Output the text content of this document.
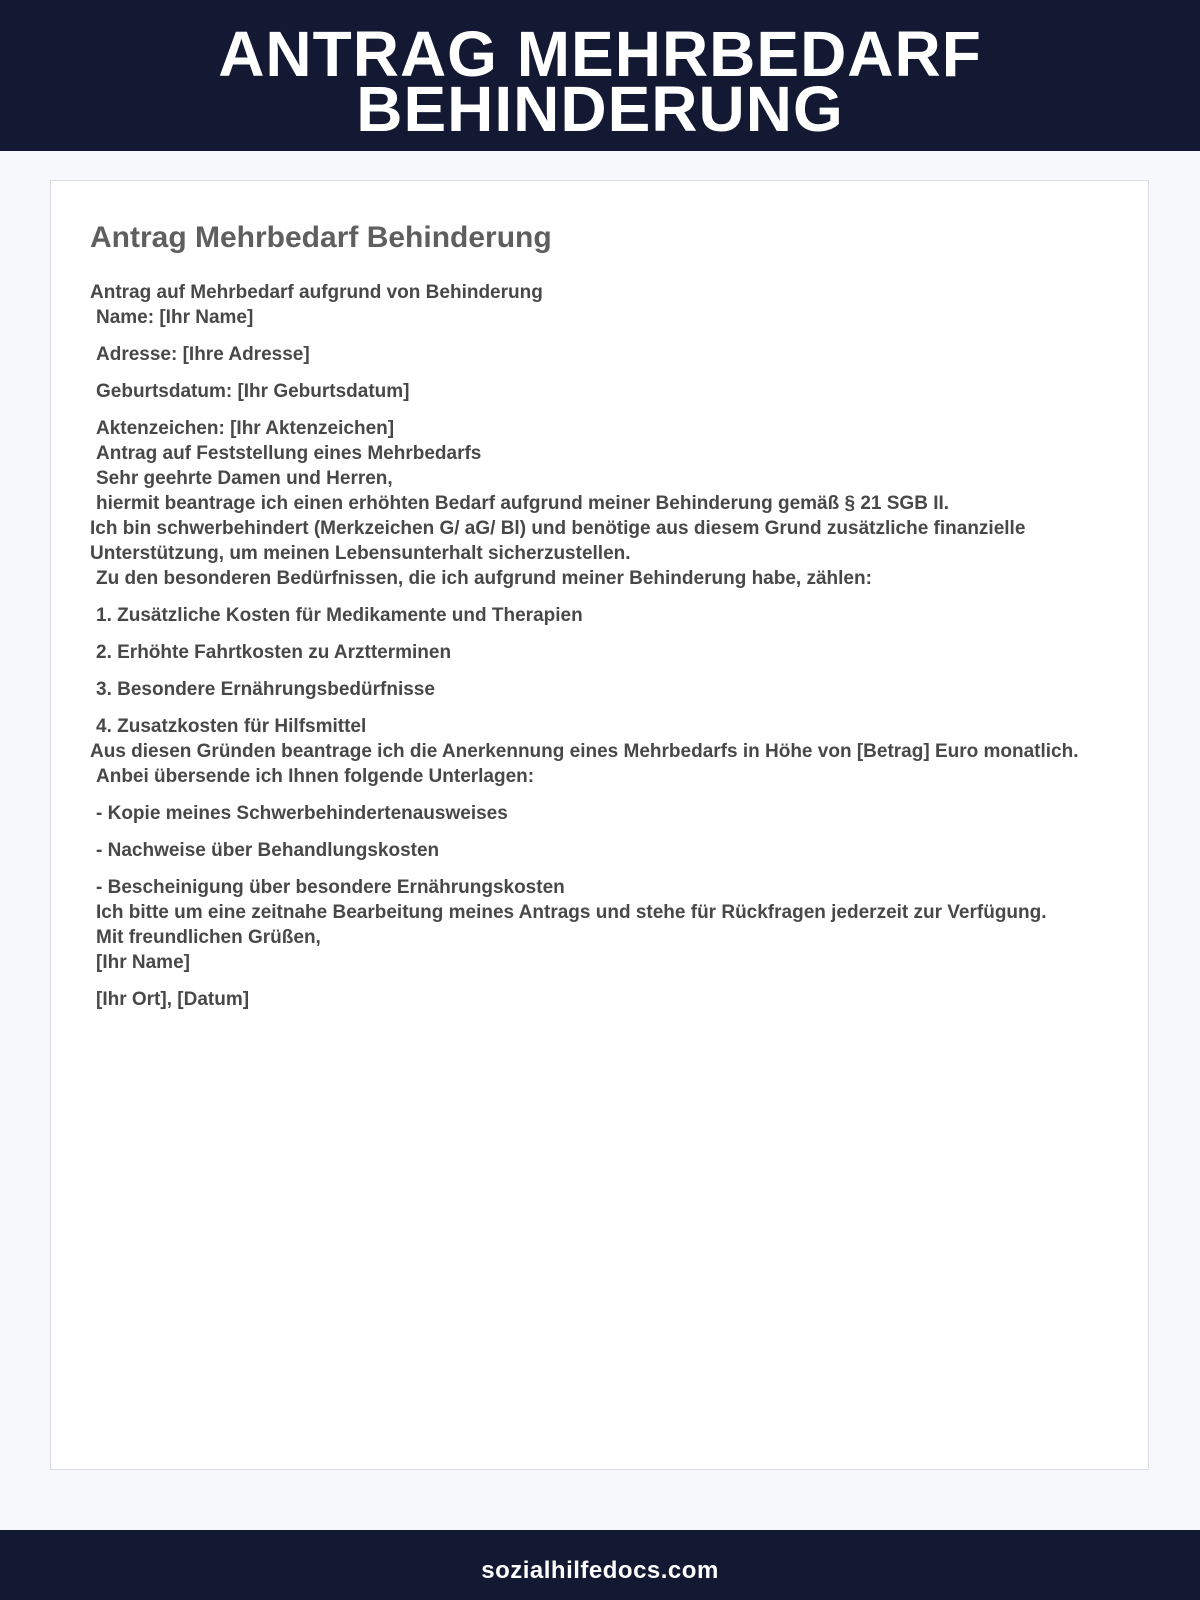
ANTRAG MEHRBEDARF
BEHINDERUNG
Antrag Mehrbedarf Behinderung

Antrag auf Mehrbedarf aufgrund von Behinderung

Name: [Ihr Name]

Adresse: [Ihre Adresse]

Geburtsdatum: [Ihr Geburtsdatum]

Aktenzeichen: [Ihr Aktenzeichen]

Antrag auf Feststellung eines Mehrbedarfs

Sehr geehrte Damen und Herren,

hiermit beantrage ich einen erhöhten Bedarf aufgrund meiner Behinderung gemäß § 21 SGB II.

Ich bin schwerbehindert (Merkzeichen G/ aG/ Bl) und benötige aus diesem Grund zusätzliche finanzielle Unterstützung, um meinen Lebensunterhalt sicherzustellen.

Zu den besonderen Bedürfnissen, die ich aufgrund meiner Behinderung habe, zählen:

1. Zusätzliche Kosten für Medikamente und Therapien

2. Erhöhte Fahrtkosten zu Arztterminen

3. Besondere Ernährungsbedürfnisse

4. Zusatzkosten für Hilfsmittel

Aus diesen Gründen beantrage ich die Anerkennung eines Mehrbedarfs in Höhe von [Betrag] Euro monatlich.

Anbei übersende ich Ihnen folgende Unterlagen:

- Kopie meines Schwerbehindertenausweises

- Nachweise über Behandlungskosten

- Bescheinigung über besondere Ernährungskosten

Ich bitte um eine zeitnahe Bearbeitung meines Antrags und stehe für Rückfragen jederzeit zur Verfügung.

Mit freundlichen Grüßen,

[Ihr Name]

[Ihr Ort], [Datum]

sozialhilfedocs.com
